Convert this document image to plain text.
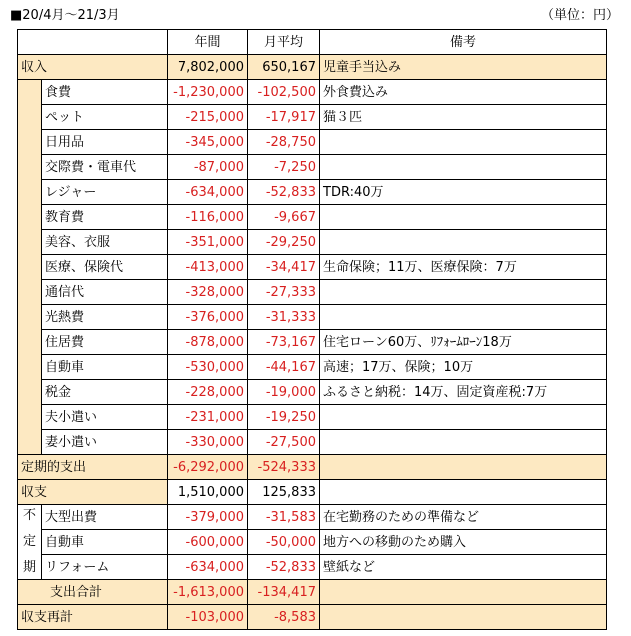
■20/4月～21/3月	（単位：円）
		年間	月平均	備考
収入		7,802,000	650,167	児童手当込み
	食費	-1,230,000	-102,500	外食費込み
	ペット	-215,000	-17,917	猫３匹
	日用品	-345,000	-28,750	
	交際費・電車代	-87,000	-7,250	
	レジャー	-634,000	-52,833	TDR:40万
	教育費	-116,000	-9,667	
	美容、衣服	-351,000	-29,250	
	医療、保険代	-413,000	-34,417	生命保険；11万、医療保険：7万
	通信代	-328,000	-27,333	
	光熱費	-376,000	-31,333	
	住居費	-878,000	-73,167	住宅ローン60万、ﾘﾌｫｰﾑﾛｰﾝ18万
	自動車	-530,000	-44,167	高速；17万、保険；10万
	税金	-228,000	-19,000	ふるさと納税：14万、固定資産税:7万
	夫小遣い	-231,000	-19,250	
	妻小遣い	-330,000	-27,500	
定期的支出		-6,292,000	-524,333	
収支		1,510,000	125,833	

不
定
期	大型出費	-379,000	-31,583	在宅勤務のための準備など
	自動車	-600,000	-50,000	地方への移動のため購入
	リフォーム	-634,000	-52,833	壁紙など
支出合計		-1,613,000	-134,417	
収支再計		-103,000	-8,583	
